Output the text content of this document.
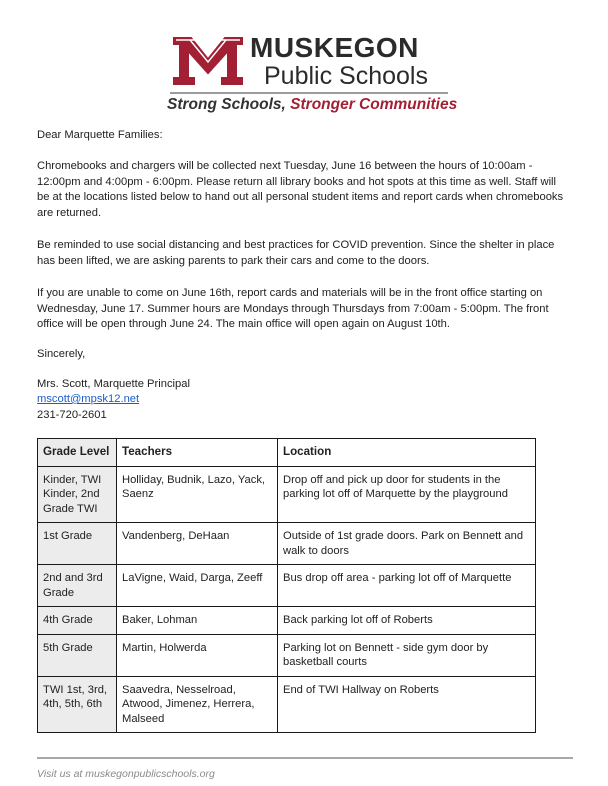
MUSKEGON
Public Schools
Strong Schools, Stronger Communities
Dear Marquette Families:
Chromebooks and chargers will be collected next Tuesday, June 16 between the hours of 10:00am - 12:00pm and 4:00pm - 6:00pm. Please return all library books and hot spots at this time as well. Staff will be at the locations listed below to hand out all personal student items and report cards when chromebooks are returned.
Be reminded to use social distancing and best practices for COVID prevention. Since the shelter in place has been lifted, we are asking parents to park their cars and come to the doors.
If you are unable to come on June 16th, report cards and materials will be in the front office starting on Wednesday, June 17. Summer hours are Mondays through Thursdays from 7:00am - 5:00pm. The front office will be open through June 24. The main office will open again on August 10th.
Sincerely,
Mrs. Scott, Marquette Principal
mscott@mpsk12.net
231-720-2601
Grade Level	Teachers	Location
Kinder, TWI Kinder, 2nd Grade TWI	Holliday, Budnik, Lazo, Yack, Saenz	Drop off and pick up door for students in the parking lot off of Marquette by the playground
1st Grade	Vandenberg, DeHaan	Outside of 1st grade doors. Park on Bennett and walk to doors
2nd and 3rd Grade	LaVigne, Waid, Darga, Zeeff	Bus drop off area - parking lot off of Marquette
4th Grade	Baker, Lohman	Back parking lot off of Roberts
5th Grade	Martin, Holwerda	Parking lot on Bennett - side gym door by basketball courts
TWI 1st, 3rd, 4th, 5th, 6th	Saavedra, Nesselroad, Atwood, Jimenez, Herrera, Malseed	End of TWI Hallway on Roberts
Visit us at muskegonpublicschools.org
